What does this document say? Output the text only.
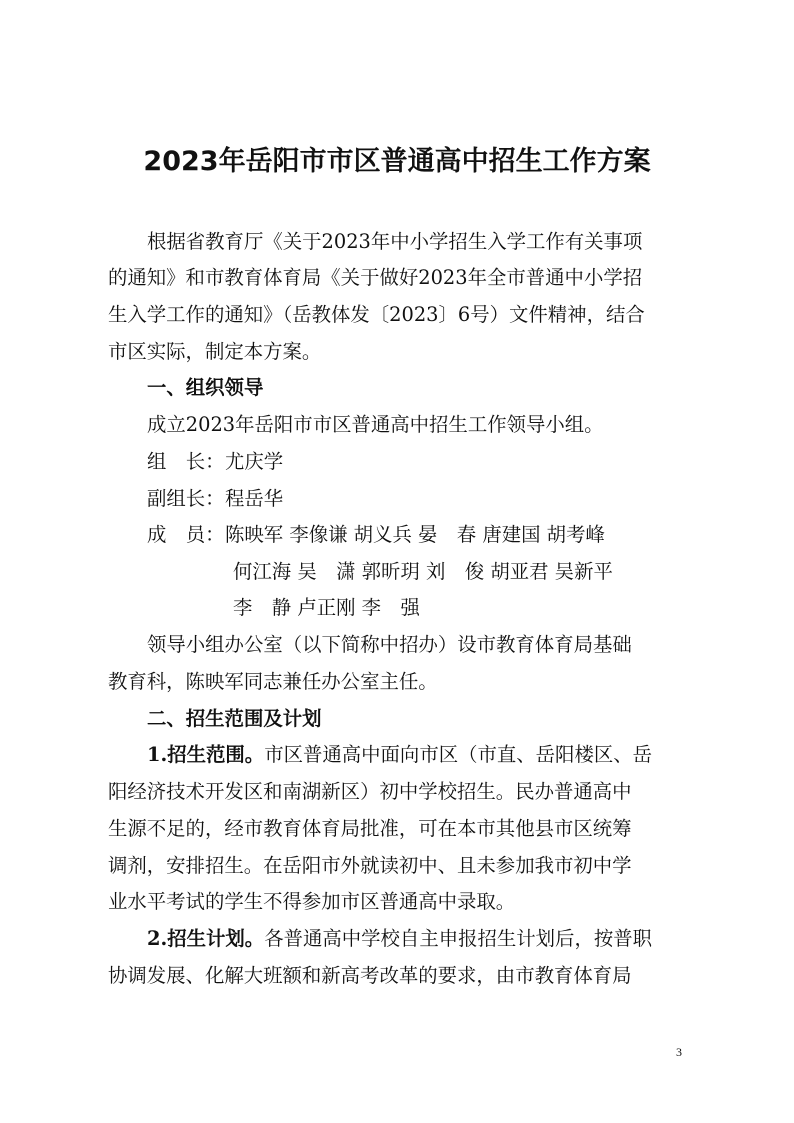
2023年岳阳市市区普通高中招生工作方案
根据省教育厅《关于2023年中小学招生入学工作有关事项
的通知》和市教育体育局《关于做好2023年全市普通中小学招
生入学工作的通知》（岳教体发〔2023〕6号）文件精神，结合
市区实际，制定本方案。
一、组织领导
成立2023年岳阳市市区普通高中招生工作领导小组。
组　长：尤庆学
副组长：程岳华
成　员：陈映军 李像谦 胡义兵 晏　春 唐建国 胡考峰
何江海 吴　潇 郭昕玥 刘　俊 胡亚君 吴新平
李　静 卢正刚 李　强
领导小组办公室（以下简称中招办）设市教育体育局基础
教育科，陈映军同志兼任办公室主任。
二、招生范围及计划
1.招生范围。市区普通高中面向市区（市直、岳阳楼区、岳
阳经济技术开发区和南湖新区）初中学校招生。民办普通高中
生源不足的，经市教育体育局批准，可在本市其他县市区统筹
调剂，安排招生。在岳阳市外就读初中、且未参加我市初中学
业水平考试的学生不得参加市区普通高中录取。
2.招生计划。各普通高中学校自主申报招生计划后，按普职
协调发展、化解大班额和新高考改革的要求，由市教育体育局
3
